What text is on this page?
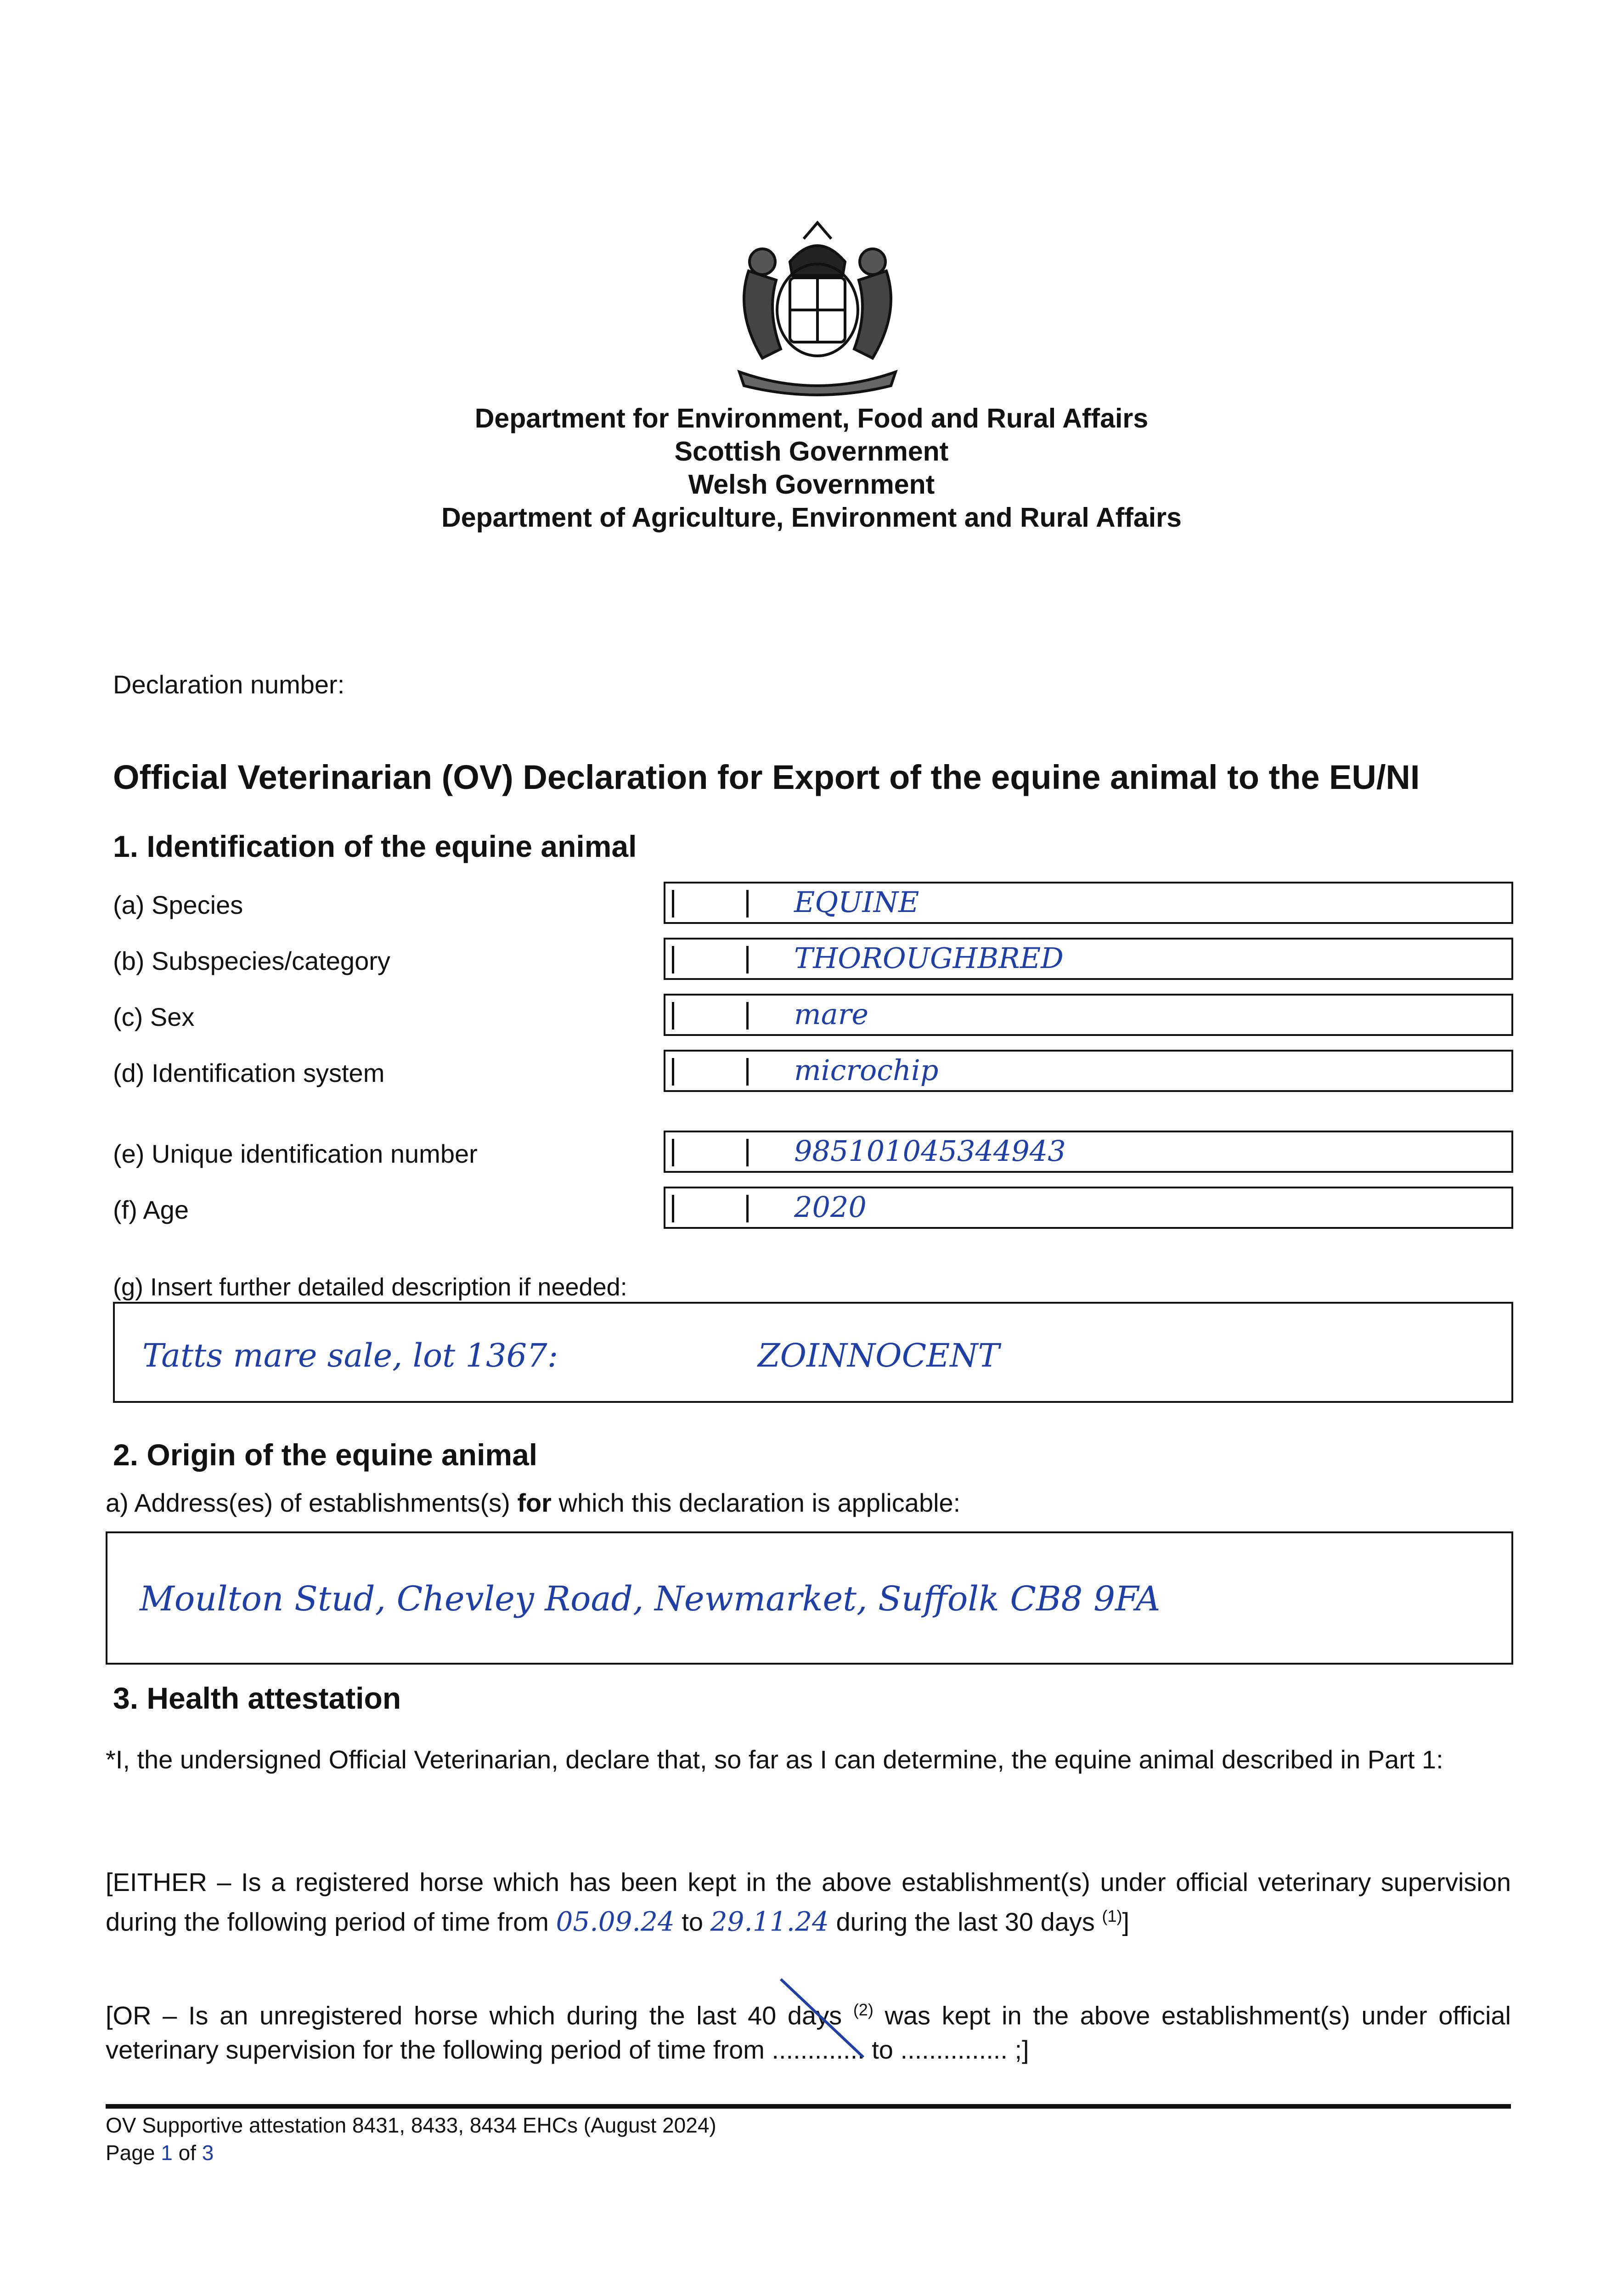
Department for Environment, Food and Rural Affairs
Scottish Government
Welsh Government
Department of Agriculture, Environment and Rural Affairs
Declaration number:
Official Veterinarian (OV) Declaration for Export of the equine animal to the EU/NI
1. Identification of the equine animal
(a) Species	EQUINE
(b) Subspecies/category	THOROUGHBRED
(c) Sex	mare
(d) Identification system	microchip
(e) Unique identification number	985101045344943
(f) Age	2020
(g) Insert further detailed description if needed:
Tatts mare sale, lot 1367:	ZOINNOCENT
2. Origin of the equine animal
a) Address(es) of establishments(s) for which this declaration is applicable:
Moulton Stud, Chevley Road, Newmarket, Suffolk CB8 9FA
3. Health attestation
*I, the undersigned Official Veterinarian, declare that, so far as I can determine, the equine animal described in Part 1:
[EITHER – Is a registered horse which has been kept in the above establishment(s) under official veterinary supervision during the following period of time from 05.09.24 to 29.11.24 during the last 30 days $^{(1)}$]
[OR – Is an unregistered horse which during the last 40 days $^{(2)}$ was kept in the above establishment(s) under official veterinary supervision for the following period of time from ............. to ............... ;]
OV Supportive attestation 8431, 8433, 8434 EHCs (August 2024)
Page 1 of 3
